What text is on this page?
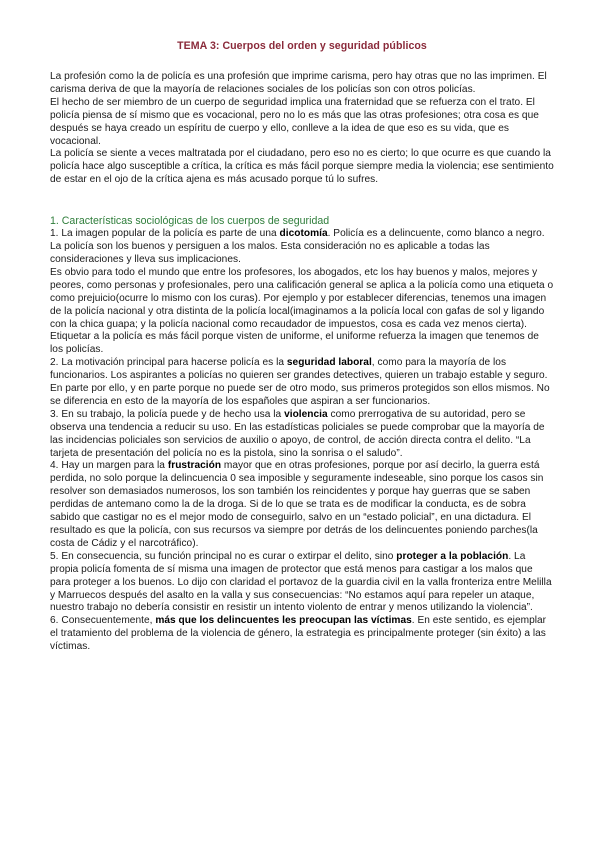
TEMA 3: Cuerpos del orden y seguridad públicos

La profesión como la de policía es una profesión que imprime carisma, pero hay otras que no las imprimen. El carisma deriva de que la mayoría de relaciones sociales de los policías son con otros policías.

El hecho de ser miembro de un cuerpo de seguridad implica una fraternidad que se refuerza con el trato. El policía piensa de sí mismo que es vocacional, pero no lo es más que las otras profesiones; otra cosa es que después se haya creado un espíritu de cuerpo y ello, conlleve a la idea de que eso es su vida, que es vocacional.

La policía se siente a veces maltratada por el ciudadano, pero eso no es cierto; lo que ocurre es que cuando la policía hace algo susceptible a crítica, la crítica es más fácil porque siempre media la violencia; ese sentimiento de estar en el ojo de la crítica ajena es más acusado porque tú lo sufres.

1. Características sociológicas de los cuerpos de seguridad

1. La imagen popular de la policía es parte de una dicotomía. Policía es a delincuente, como blanco a negro. La policía son los buenos y persiguen a los malos. Esta consideración no es aplicable a todas las consideraciones y lleva sus implicaciones.

Es obvio para todo el mundo que entre los profesores, los abogados, etc los hay buenos y malos, mejores y peores, como personas y profesionales, pero una calificación general se aplica a la policía como una etiqueta o como prejuicio(ocurre lo mismo con los curas). Por ejemplo y por establecer diferencias, tenemos una imagen de la policía nacional y otra distinta de la policía local(imaginamos a la policía local con gafas de sol y ligando con la chica guapa; y la policía nacional como recaudador de impuestos, cosa es cada vez menos cierta). Etiquetar a la policía es más fácil porque visten de uniforme, el uniforme refuerza la imagen que tenemos de los policías.

2. La motivación principal para hacerse policía es la seguridad laboral, como para la mayoría de los funcionarios. Los aspirantes a policías no quieren ser grandes detectives, quieren un trabajo estable y seguro. En parte por ello, y en parte porque no puede ser de otro modo, sus primeros protegidos son ellos mismos. No se diferencia en esto de la mayoría de los españoles que aspiran a ser funcionarios.

3. En su trabajo, la policía puede y de hecho usa la violencia como prerrogativa de su autoridad, pero se observa una tendencia a reducir su uso. En las estadísticas policiales se puede comprobar que la mayoría de las incidencias policiales son servicios de auxilio o apoyo, de control, de acción directa contra el delito. “La tarjeta de presentación del policía no es la pistola, sino la sonrisa o el saludo”.

4. Hay un margen para la frustración mayor que en otras profesiones, porque por así decirlo, la guerra está perdida, no solo porque la delincuencia 0 sea imposible y seguramente indeseable, sino porque los casos sin resolver son demasiados numerosos, los son también los reincidentes y porque hay guerras que se saben perdidas de antemano como la de la droga. Si de lo que se trata es de modificar la conducta, es de sobra sabido que castigar no es el mejor modo de conseguirlo, salvo en un “estado policial”, en una dictadura. El resultado es que la policía, con sus recursos va siempre por detrás de los delincuentes poniendo parches(la costa de Cádiz y el narcotráfico).

5. En consecuencia, su función principal no es curar o extirpar el delito, sino proteger a la población. La propia policía fomenta de sí misma una imagen de protector que está menos para castigar a los malos que para proteger a los buenos. Lo dijo con claridad el portavoz de la guardia civil en la valla fronteriza entre Melilla y Marruecos después del asalto en la valla y sus consecuencias: “No estamos aquí para repeler un ataque, nuestro trabajo no debería consistir en resistir un intento violento de entrar y menos utilizando la violencia”.

6. Consecuentemente, más que los delincuentes les preocupan las víctimas. En este sentido, es ejemplar el tratamiento del problema de la violencia de género, la estrategia es principalmente proteger (sin éxito) a las víctimas.
